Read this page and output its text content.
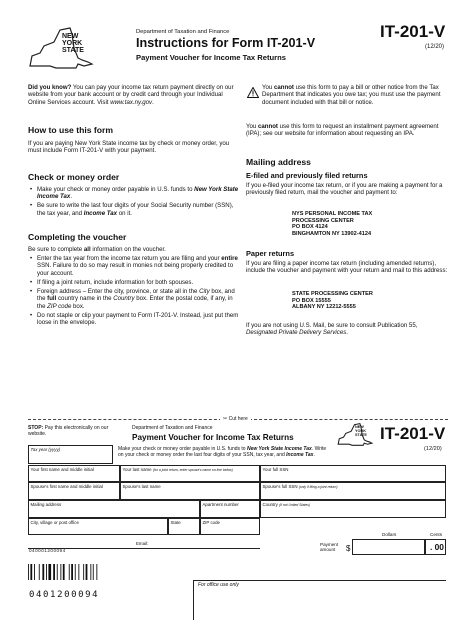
NEW
YORK
STATE
Department of Taxation and Finance
Instructions for Form IT-201-V
Payment Voucher for Income Tax Returns
IT-201-V
(12/20)
Did you know? You can pay your income tax return payment directly on our website from your bank account or by credit card through your Individual Online Services account. Visit www.tax.ny.gov.
How to use this form
If you are paying New York State income tax by check or money order, you must include Form IT-201-V with your payment.
Check or money order
• Make your check or money order payable in U.S. funds to New York State Income Tax.
• Be sure to write the last four digits of your Social Security number (SSN), the tax year, and Income Tax on it.
Completing the voucher
Be sure to complete all information on the voucher.
• Enter the tax year from the income tax return you are filing and your entire SSN. Failure to do so may result in monies not being properly credited to your account.
• If filing a joint return, include information for both spouses.
• Foreign address – Enter the city, province, or state all in the City box, and the full country name in the Country box. Enter the postal code, if any, in the ZIP code box.
• Do not staple or clip your payment to Form IT-201-V. Instead, just put them loose in the envelope.
You cannot use this form to pay a bill or other notice from the Tax Department that indicates you owe tax; you must use the payment document included with that bill or notice.
You cannot use this form to request an installment payment agreement (IPA); see our website for information about requesting an IPA.
Mailing address
E-filed and previously filed returns
If you e-filed your income tax return, or if you are making a payment for a previously filed return, mail the voucher and payment to:
NYS PERSONAL INCOME TAX
PROCESSING CENTER
PO BOX 4124
BINGHAMTON NY 13902-4124
Paper returns
If you are filing a paper income tax return (including amended returns), include the voucher and payment with your return and mail to this address:
STATE PROCESSING CENTER
PO BOX 15555
ALBANY NY 12212-5555
If you are not using U.S. Mail, be sure to consult Publication 55, Designated Private Delivery Services.
✂ Cut here
STOP: Pay this electronically on our website.
Department of Taxation and Finance
Payment Voucher for Income Tax Returns
NEW
YORK
STATE IT-201-V
(12/20)
Tax year (yyyy)	Make your check or money order payable in U.S. funds to New York State Income Tax. Write on your check or money order the last four digits of your SSN, tax year, and Income Tax.
Your first name and middle initial	Your last name (for a joint return, enter spouse's name on line below)	Your full SSN
Spouse's first name and middle initial	Spouse's last name	Spouse's full SSN (only if filing a joint return)
Mailing address	Apartment number	Country (if not United States)
City, village or post office	State	ZIP code
040001200094
Email:
Dollars	Cents
Payment
amount	$	. 00
0401200094
For office use only
